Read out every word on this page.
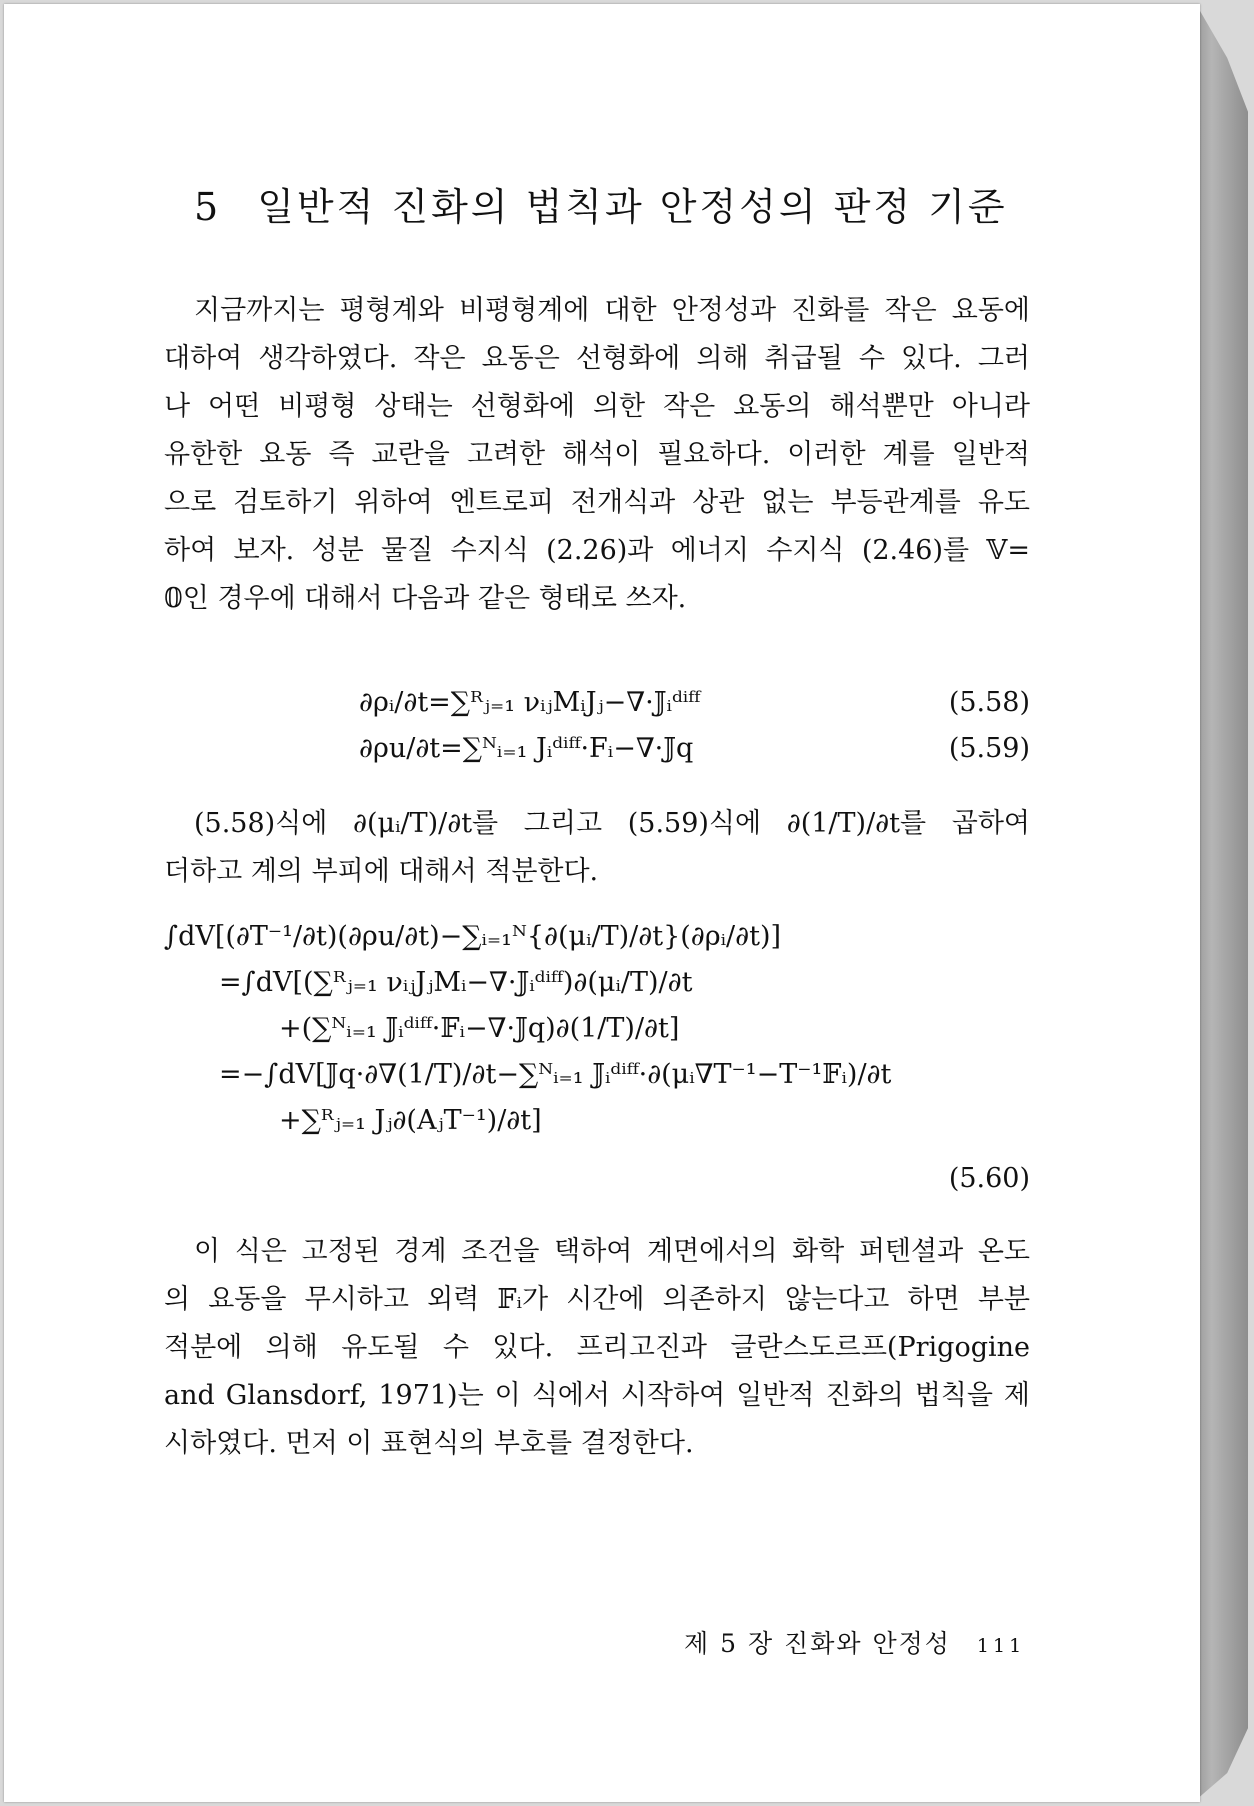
5 일반적 진화의 법칙과 안정성의 판정 기준
지금까지는 평형계와 비평형계에 대한 안정성과 진화를 작은 요동에
대하여 생각하였다. 작은 요동은 선형화에 의해 취급될 수 있다. 그러
나 어떤 비평형 상태는 선형화에 의한 작은 요동의 해석뿐만 아니라
유한한 요동 즉 교란을 고려한 해석이 필요하다. 이러한 계를 일반적
으로 검토하기 위하여 엔트로피 전개식과 상관 없는 부등관계를 유도
하여 보자. 성분 물질 수지식 (2.26)과 에너지 수지식 (2.46)를 𝕍=
𝟘인 경우에 대해서 다음과 같은 형태로 쓰자.
∂ρᵢ/∂t=∑ᴿⱼ₌₁ νᵢⱼMᵢJⱼ−∇·𝕁ᵢᵈⁱᶠᶠ	(5.58)
∂ρu/∂t=∑ᴺᵢ₌₁ Jᵢᵈⁱᶠᶠ·Fᵢ−∇·𝕁q	(5.59)
(5.58)식에 ∂(μᵢ/T)/∂t를 그리고 (5.59)식에 ∂(1/T)/∂t를 곱하여
더하고 계의 부피에 대해서 적분한다.
∫dV[(∂T⁻¹/∂t)(∂ρu/∂t)−∑ᵢ₌₁ᴺ{∂(μᵢ/T)/∂t}(∂ρᵢ/∂t)]
=∫dV[(∑ᴿⱼ₌₁ νᵢⱼJⱼMᵢ−∇·𝕁ᵢᵈⁱᶠᶠ)∂(μᵢ/T)/∂t
+(∑ᴺᵢ₌₁ 𝕁ᵢᵈⁱᶠᶠ·𝔽ᵢ−∇·𝕁q)∂(1/T)/∂t]
=−∫dV[𝕁q·∂∇(1/T)/∂t−∑ᴺᵢ₌₁ 𝕁ᵢᵈⁱᶠᶠ·∂(μᵢ∇T⁻¹−T⁻¹𝔽ᵢ)/∂t
+∑ᴿⱼ₌₁ Jⱼ∂(AⱼT⁻¹)/∂t]
(5.60)
이 식은 고정된 경계 조건을 택하여 계면에서의 화학 퍼텐셜과 온도
의 요동을 무시하고 외력 𝔽ᵢ가 시간에 의존하지 않는다고 하면 부분
적분에 의해 유도될 수 있다. 프리고진과 글란스도르프(Prigogine
and Glansdorf, 1971)는 이 식에서 시작하여 일반적 진화의 법칙을 제
시하였다. 먼저 이 표현식의 부호를 결정한다.
제 5 장 진화와 안정성 111
